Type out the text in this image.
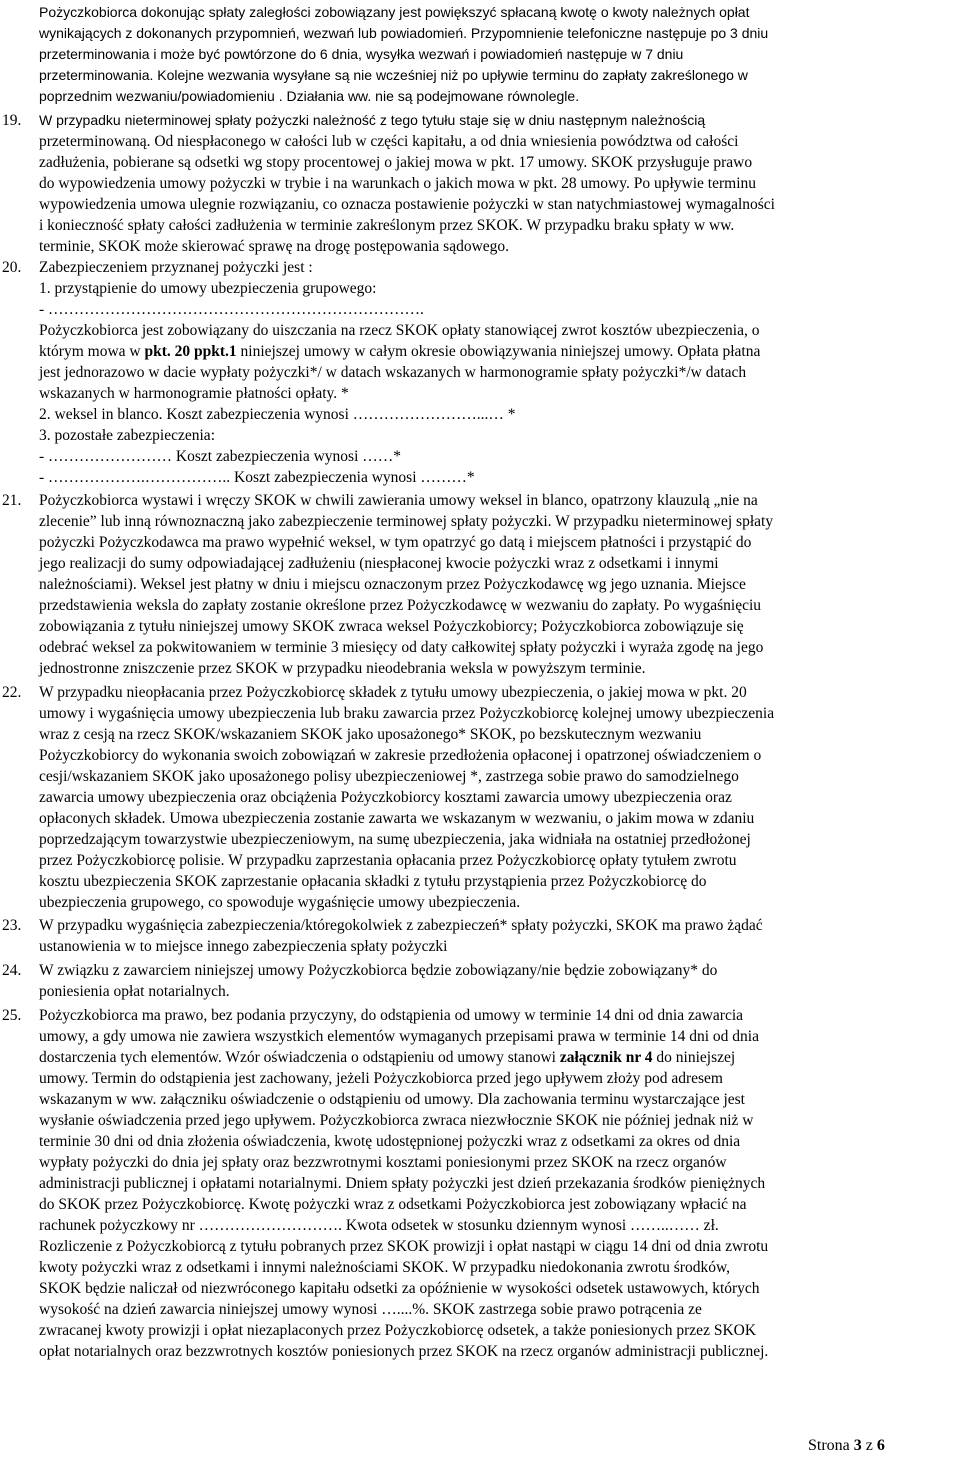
Pożyczkobiorca dokonując spłaty zaległości zobowiązany jest powiększyć spłacaną kwotę o kwoty należnych opłat
wynikających z dokonanych przypomnień, wezwań lub powiadomień. Przypomnienie telefoniczne następuje po 3 dniu
przeterminowania i może być powtórzone do 6 dnia, wysyłka wezwań i powiadomień następuje w 7 dniu
przeterminowania. Kolejne wezwania wysyłane są nie wcześniej niż po upływie terminu do zapłaty zakreślonego w
poprzednim wezwaniu/powiadomieniu . Działania ww. nie są podejmowane równolegle.
19. W przypadku nieterminowej spłaty pożyczki należność z tego tytułu staje się w dniu następnym należnością
przeterminowaną. Od niespłaconego w całości lub w części kapitału, a od dnia wniesienia powództwa od całości
zadłużenia, pobierane są odsetki wg stopy procentowej o jakiej mowa w pkt. 17 umowy. SKOK przysługuje prawo
do wypowiedzenia umowy pożyczki w trybie i na warunkach o jakich mowa w pkt. 28 umowy. Po upływie terminu
wypowiedzenia umowa ulegnie rozwiązaniu, co oznacza postawienie pożyczki w stan natychmiastowej wymagalności
i konieczność spłaty całości zadłużenia w terminie zakreślonym przez SKOK. W przypadku braku spłaty w ww.
terminie, SKOK może skierować sprawę na drogę postępowania sądowego.
20. Zabezpieczeniem przyznanej pożyczki jest :
1. przystąpienie do umowy ubezpieczenia grupowego:
- ……………………………………………………………….
Pożyczkobiorca jest zobowiązany do uiszczania na rzecz SKOK opłaty stanowiącej zwrot kosztów ubezpieczenia, o
którym mowa w pkt. 20 ppkt.1 niniejszej umowy w całym okresie obowiązywania niniejszej umowy. Opłata płatna
jest jednorazowo w dacie wypłaty pożyczki*/ w datach wskazanych w harmonogramie spłaty pożyczki*/w datach
wskazanych w harmonogramie płatności opłaty. *
2. weksel in blanco. Koszt zabezpieczenia wynosi ……………………...… *
3. pozostałe zabezpieczenia:
- …………………… Koszt zabezpieczenia wynosi ……*
- ……………….…………….. Koszt zabezpieczenia wynosi ………*
21. Pożyczkobiorca wystawi i wręczy SKOK w chwili zawierania umowy weksel in blanco, opatrzony klauzulą „nie na
zlecenie” lub inną równoznaczną jako zabezpieczenie terminowej spłaty pożyczki. W przypadku nieterminowej spłaty
pożyczki Pożyczkodawca ma prawo wypełnić weksel, w tym opatrzyć go datą i miejscem płatności i przystąpić do
jego realizacji do sumy odpowiadającej zadłużeniu (niespłaconej kwocie pożyczki wraz z odsetkami i innymi
należnościami). Weksel jest płatny w dniu i miejscu oznaczonym przez Pożyczkodawcę wg jego uznania. Miejsce
przedstawienia weksla do zapłaty zostanie określone przez Pożyczkodawcę w wezwaniu do zapłaty. Po wygaśnięciu
zobowiązania z tytułu niniejszej umowy SKOK zwraca weksel Pożyczkobiorcy; Pożyczkobiorca zobowiązuje się
odebrać weksel za pokwitowaniem w terminie 3 miesięcy od daty całkowitej spłaty pożyczki i wyraża zgodę na jego
jednostronne zniszczenie przez SKOK w przypadku nieodebrania weksla w powyższym terminie.
22. W przypadku nieopłacania przez Pożyczkobiorcę składek z tytułu umowy ubezpieczenia, o jakiej mowa w pkt. 20
umowy i wygaśnięcia umowy ubezpieczenia lub braku zawarcia przez Pożyczkobiorcę kolejnej umowy ubezpieczenia
wraz z cesją na rzecz SKOK/wskazaniem SKOK jako uposażonego* SKOK, po bezskutecznym wezwaniu
Pożyczkobiorcy do wykonania swoich zobowiązań w zakresie przedłożenia opłaconej i opatrzonej oświadczeniem o
cesji/wskazaniem SKOK jako uposażonego polisy ubezpieczeniowej *, zastrzega sobie prawo do samodzielnego
zawarcia umowy ubezpieczenia oraz obciążenia Pożyczkobiorcy kosztami zawarcia umowy ubezpieczenia oraz
opłaconych składek. Umowa ubezpieczenia zostanie zawarta we wskazanym w wezwaniu, o jakim mowa w zdaniu
poprzedzającym towarzystwie ubezpieczeniowym, na sumę ubezpieczenia, jaka widniała na ostatniej przedłożonej
przez Pożyczkobiorcę polisie. W przypadku zaprzestania opłacania przez Pożyczkobiorcę opłaty tytułem zwrotu
kosztu ubezpieczenia SKOK zaprzestanie opłacania składki z tytułu przystąpienia przez Pożyczkobiorcę do
ubezpieczenia grupowego, co spowoduje wygaśnięcie umowy ubezpieczenia.
23. W przypadku wygaśnięcia zabezpieczenia/któregokolwiek z zabezpieczeń* spłaty pożyczki, SKOK ma prawo żądać
ustanowienia w to miejsce innego zabezpieczenia spłaty pożyczki
24. W związku z zawarciem niniejszej umowy Pożyczkobiorca będzie zobowiązany/nie będzie zobowiązany* do
poniesienia opłat notarialnych.
25. Pożyczkobiorca ma prawo, bez podania przyczyny, do odstąpienia od umowy w terminie 14 dni od dnia zawarcia
umowy, a gdy umowa nie zawiera wszystkich elementów wymaganych przepisami prawa w terminie 14 dni od dnia
dostarczenia tych elementów. Wzór oświadczenia o odstąpieniu od umowy stanowi załącznik nr 4 do niniejszej
umowy. Termin do odstąpienia jest zachowany, jeżeli Pożyczkobiorca przed jego upływem złoży pod adresem
wskazanym w ww. załączniku oświadczenie o odstąpieniu od umowy. Dla zachowania terminu wystarczające jest
wysłanie oświadczenia przed jego upływem. Pożyczkobiorca zwraca niezwłocznie SKOK nie później jednak niż w
terminie 30 dni od dnia złożenia oświadczenia, kwotę udostępnionej pożyczki wraz z odsetkami za okres od dnia
wypłaty pożyczki do dnia jej spłaty oraz bezzwrotnymi kosztami poniesionymi przez SKOK na rzecz organów
administracji publicznej i opłatami notarialnymi. Dniem spłaty pożyczki jest dzień przekazania środków pieniężnych
do SKOK przez Pożyczkobiorcę. Kwotę pożyczki wraz z odsetkami Pożyczkobiorca jest zobowiązany wpłacić na
rachunek pożyczkowy nr ………………………. Kwota odsetek w stosunku dziennym wynosi ……..…… zł.
Rozliczenie z Pożyczkobiorcą z tytułu pobranych przez SKOK prowizji i opłat nastąpi w ciągu 14 dni od dnia zwrotu
kwoty pożyczki wraz z odsetkami i innymi należnościami SKOK. W przypadku niedokonania zwrotu środków,
SKOK będzie naliczał od niezwróconego kapitału odsetki za opóźnienie w wysokości odsetek ustawowych, których
wysokość na dzień zawarcia niniejszej umowy wynosi …....%. SKOK zastrzega sobie prawo potrącenia ze
zwracanej kwoty prowizji i opłat niezaplaconych przez Pożyczkobiorcę odsetek, a także poniesionych przez SKOK
opłat notarialnych oraz bezzwrotnych kosztów poniesionych przez SKOK na rzecz organów administracji publicznej.
Strona 3 z 6
